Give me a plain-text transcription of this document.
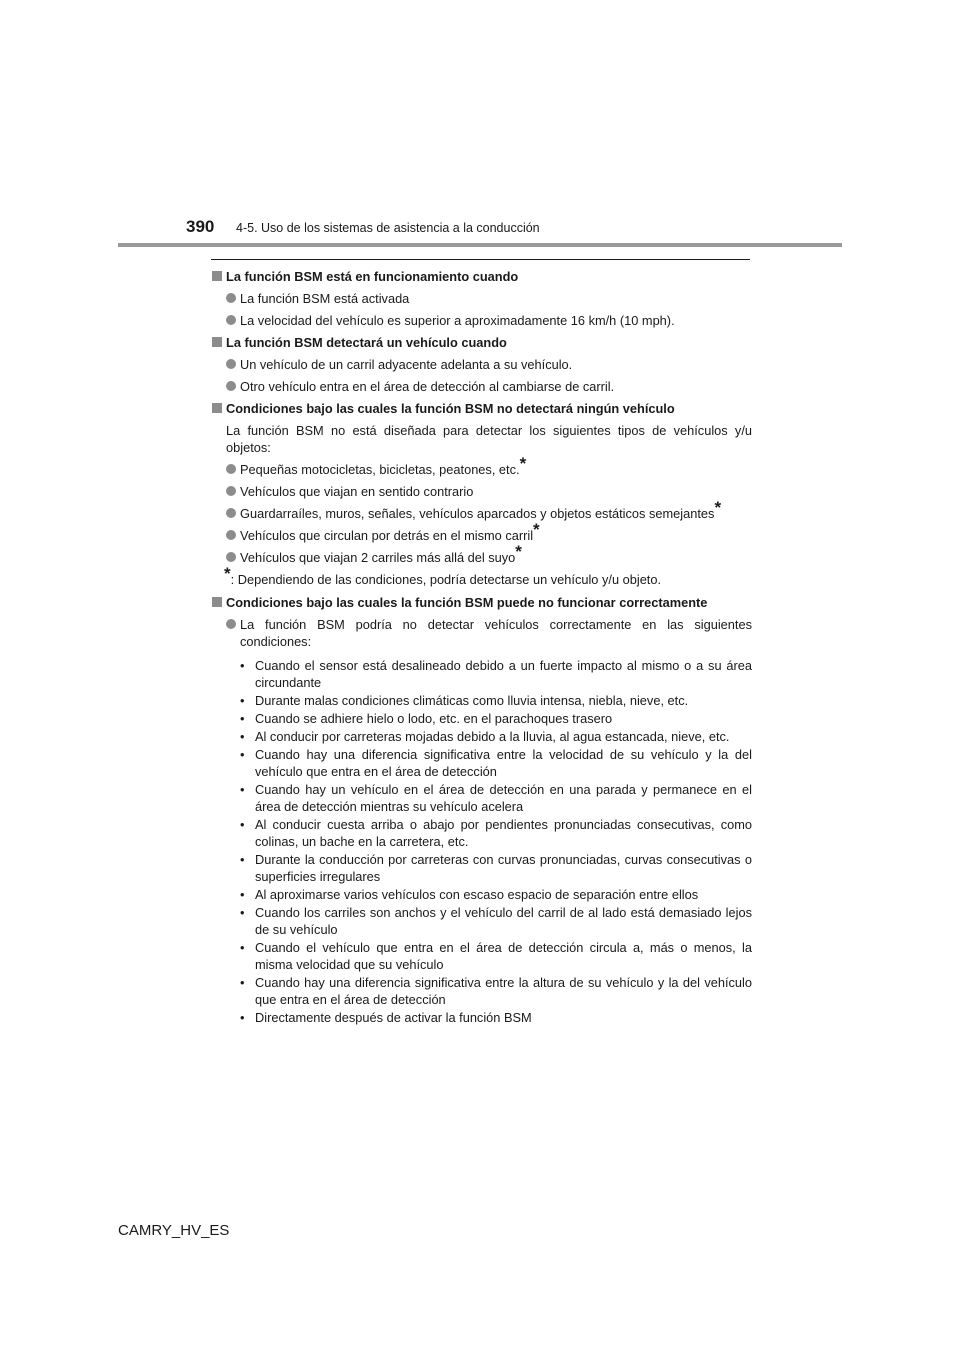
390 4-5. Uso de los sistemas de asistencia a la conducción
La función BSM está en funcionamiento cuando
La función BSM está activada
La velocidad del vehículo es superior a aproximadamente 16 km/h (10 mph).
La función BSM detectará un vehículo cuando
Un vehículo de un carril adyacente adelanta a su vehículo.
Otro vehículo entra en el área de detección al cambiarse de carril.
Condiciones bajo las cuales la función BSM no detectará ningún vehículo
La función BSM no está diseñada para detectar los siguientes tipos de vehículos y/u objetos:
Pequeñas motocicletas, bicicletas, peatones, etc.*
Vehículos que viajan en sentido contrario
Guardarraíles, muros, señales, vehículos aparcados y objetos estáticos semejantes*
Vehículos que circulan por detrás en el mismo carril*
Vehículos que viajan 2 carriles más allá del suyo*
*: Dependiendo de las condiciones, podría detectarse un vehículo y/u objeto.
Condiciones bajo las cuales la función BSM puede no funcionar correctamente
La función BSM podría no detectar vehículos correctamente en las siguientes condiciones:
• Cuando el sensor está desalineado debido a un fuerte impacto al mismo o a su área circundante
• Durante malas condiciones climáticas como lluvia intensa, niebla, nieve, etc.
• Cuando se adhiere hielo o lodo, etc. en el parachoques trasero
• Al conducir por carreteras mojadas debido a la lluvia, al agua estancada, nieve, etc.
• Cuando hay una diferencia significativa entre la velocidad de su vehículo y la del vehículo que entra en el área de detección
• Cuando hay un vehículo en el área de detección en una parada y permanece en el área de detección mientras su vehículo acelera
• Al conducir cuesta arriba o abajo por pendientes pronunciadas consecutivas, como colinas, un bache en la carretera, etc.
• Durante la conducción por carreteras con curvas pronunciadas, curvas consecutivas o superficies irregulares
• Al aproximarse varios vehículos con escaso espacio de separación entre ellos
• Cuando los carriles son anchos y el vehículo del carril de al lado está demasiado lejos de su vehículo
• Cuando el vehículo que entra en el área de detección circula a, más o menos, la misma velocidad que su vehículo
• Cuando hay una diferencia significativa entre la altura de su vehículo y la del vehículo que entra en el área de detección
• Directamente después de activar la función BSM
CAMRY_HV_ES
